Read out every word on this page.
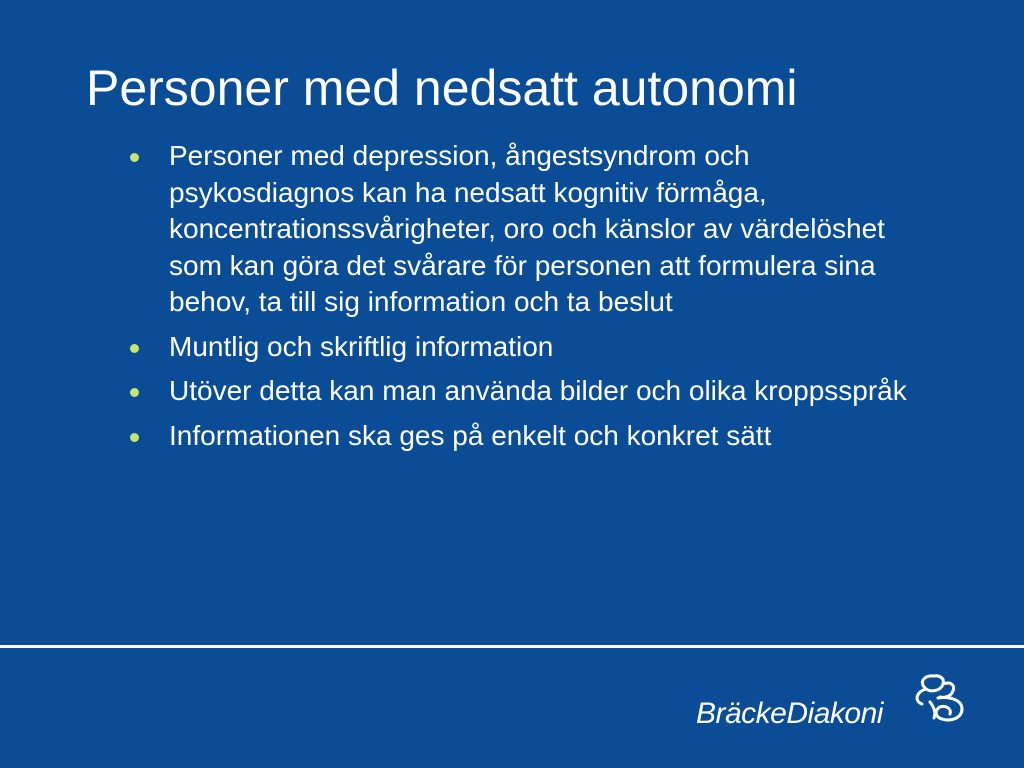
Personer med nedsatt autonomi
Personer med depression, ångestsyndrom och psykosdiagnos kan ha nedsatt kognitiv förmåga, koncentrationssvårigheter, oro och känslor av värdelöshet som kan göra det svårare för personen att formulera sina behov, ta till sig information och ta beslut
Muntlig och skriftlig information
Utöver detta kan man använda bilder och olika kroppsspråk
Informationen ska ges på enkelt och konkret sätt
BräckeDiakoni
